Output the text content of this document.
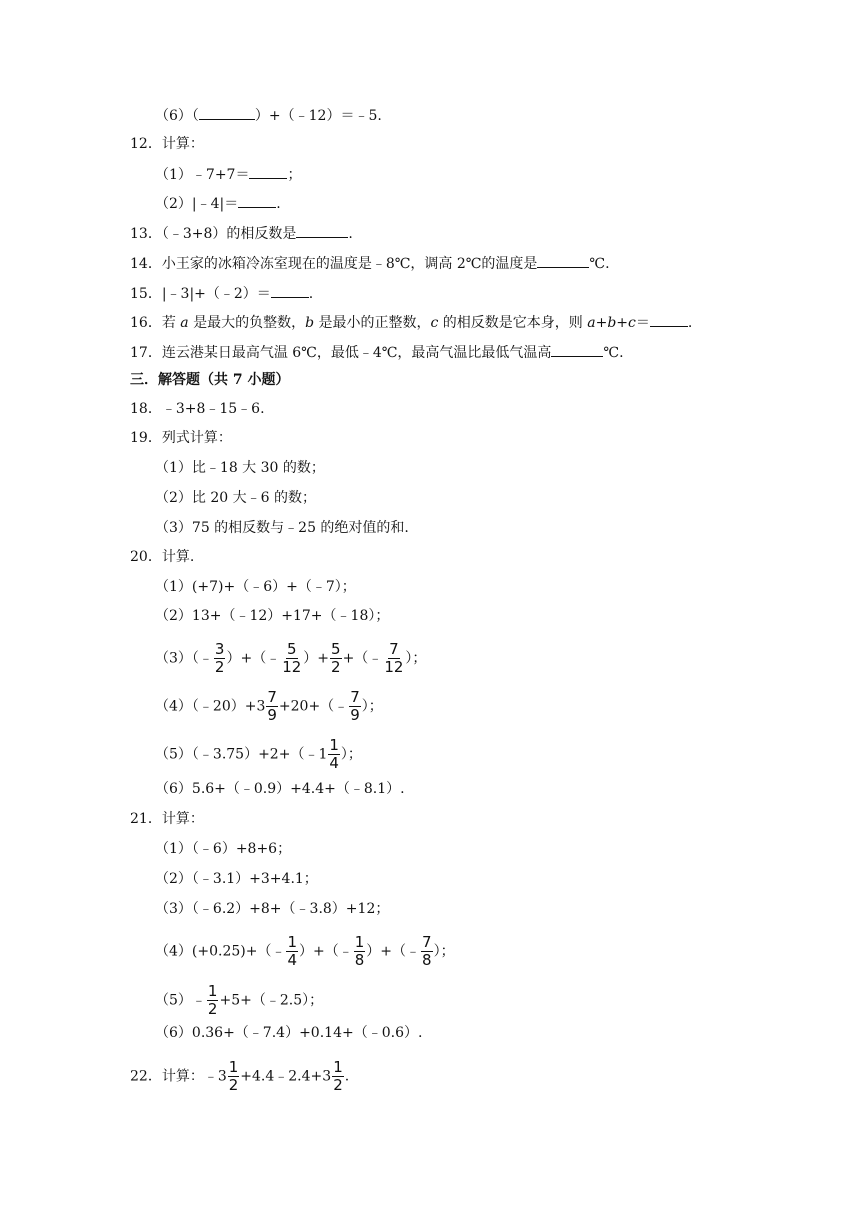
（6）（	）+（﹣12）＝﹣5.
12．计算：
（1）﹣7+7＝	；
（2）|﹣4|＝	.
13．（﹣3+8）的相反数是	.
14．小王家的冰箱冷冻室现在的温度是﹣8℃，调高 2℃的温度是	℃.
15．|﹣3|+（﹣2）＝	.
16．若 a 是最大的负整数，b 是最小的正整数，c 的相反数是它本身，则 a+b+c＝	.
17．连云港某日最高气温 6℃，最低﹣4℃，最高气温比最低气温高	℃.
三．解答题（共 7 小题）
18．﹣3+8﹣15﹣6.
19．列式计算：
（1）比﹣18 大 30 的数；
（2）比 20 大﹣6 的数；
（3）75 的相反数与﹣25 的绝对值的和.
20．计算.
（1）(+7)+（﹣6）+（﹣7）；
（2）13+（﹣12）+17+（﹣18）；
（3）（﹣ $\frac{3}{2}$ ）+（﹣ $\frac{5}{12}$ ）+ $\frac{5}{2}$ +（﹣ $\frac{7}{12}$ ）；
（4）（﹣20）+3 $\frac{7}{9}$ +20+（﹣ $\frac{7}{9}$ ）；
（5）（﹣3.75）+2+（﹣1 $\frac{1}{4}$ ）；
（6）5.6+（﹣0.9）+4.4+（﹣8.1）.
21．计算：
（1）（﹣6）+8+6；
（2）（﹣3.1）+3+4.1；
（3）（﹣6.2）+8+（﹣3.8）+12；
（4）(+0.25)+（﹣ $\frac{1}{4}$ ）+（﹣ $\frac{1}{8}$ ）+（﹣ $\frac{7}{8}$ ）；
（5）﹣ $\frac{1}{2}$ +5+（﹣2.5）；
（6）0.36+（﹣7.4）+0.14+（﹣0.6）.
22．计算：﹣3 $\frac{1}{2}$ +4.4﹣2.4+3 $\frac{1}{2}$ .
